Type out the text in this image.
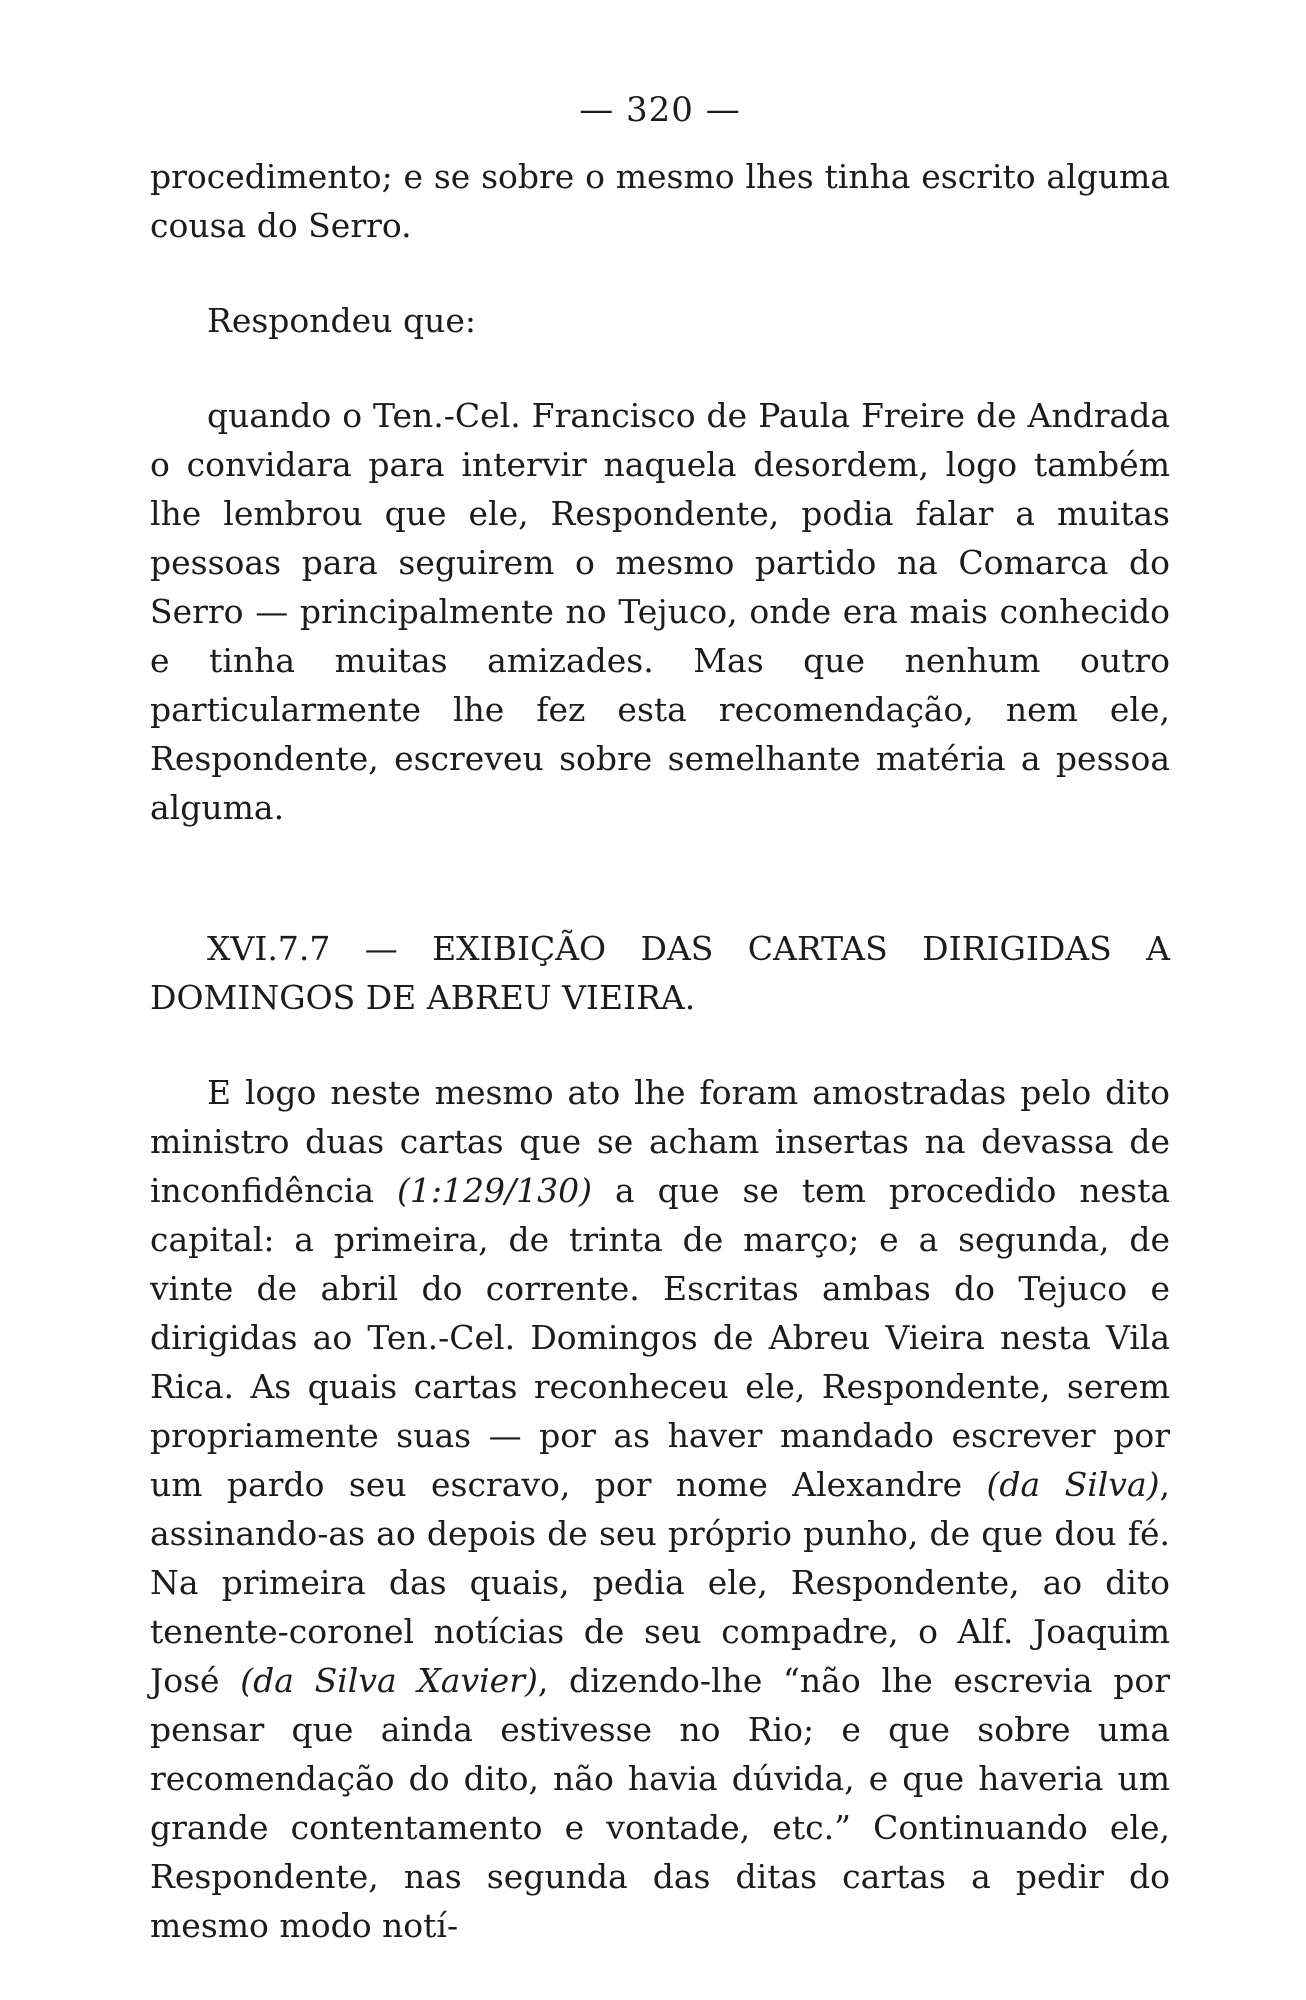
— 320 —

procedimento; e se sobre o mesmo lhes tinha escrito alguma cousa do Serro.

Respondeu que:

quando o Ten.-Cel. Francisco de Paula Freire de Andrada o convidara para intervir naquela desordem, logo também lhe lembrou que ele, Respondente, podia falar a muitas pessoas para seguirem o mesmo partido na Comarca do Serro — principalmente no Tejuco, onde era mais conhecido e tinha muitas amizades. Mas que nenhum outro particularmente lhe fez esta recomendação, nem ele, Respondente, escreveu sobre semelhante matéria a pessoa alguma.

XVI.7.7 — EXIBIÇÃO DAS CARTAS DIRIGIDAS A DOMINGOS DE ABREU VIEIRA.

E logo neste mesmo ato lhe foram amostradas pelo dito ministro duas cartas que se acham insertas na devassa de inconfidência (1:129/130) a que se tem procedido nesta capital: a primeira, de trinta de março; e a segunda, de vinte de abril do corrente. Escritas ambas do Tejuco e dirigidas ao Ten.-Cel. Domingos de Abreu Vieira nesta Vila Rica. As quais cartas reconheceu ele, Respondente, serem propriamente suas — por as haver mandado escrever por um pardo seu escravo, por nome Alexandre (da Silva), assinando-as ao depois de seu próprio punho, de que dou fé. Na primeira das quais, pedia ele, Respondente, ao dito tenente-coronel notícias de seu compadre, o Alf. Joaquim José (da Silva Xavier), dizendo-lhe “não lhe escrevia por pensar que ainda estivesse no Rio; e que sobre uma recomendação do dito, não havia dúvida, e que haveria um grande contentamento e vontade, etc.” Continuando ele, Respondente, nas segunda das ditas cartas a pedir do mesmo modo notí-
